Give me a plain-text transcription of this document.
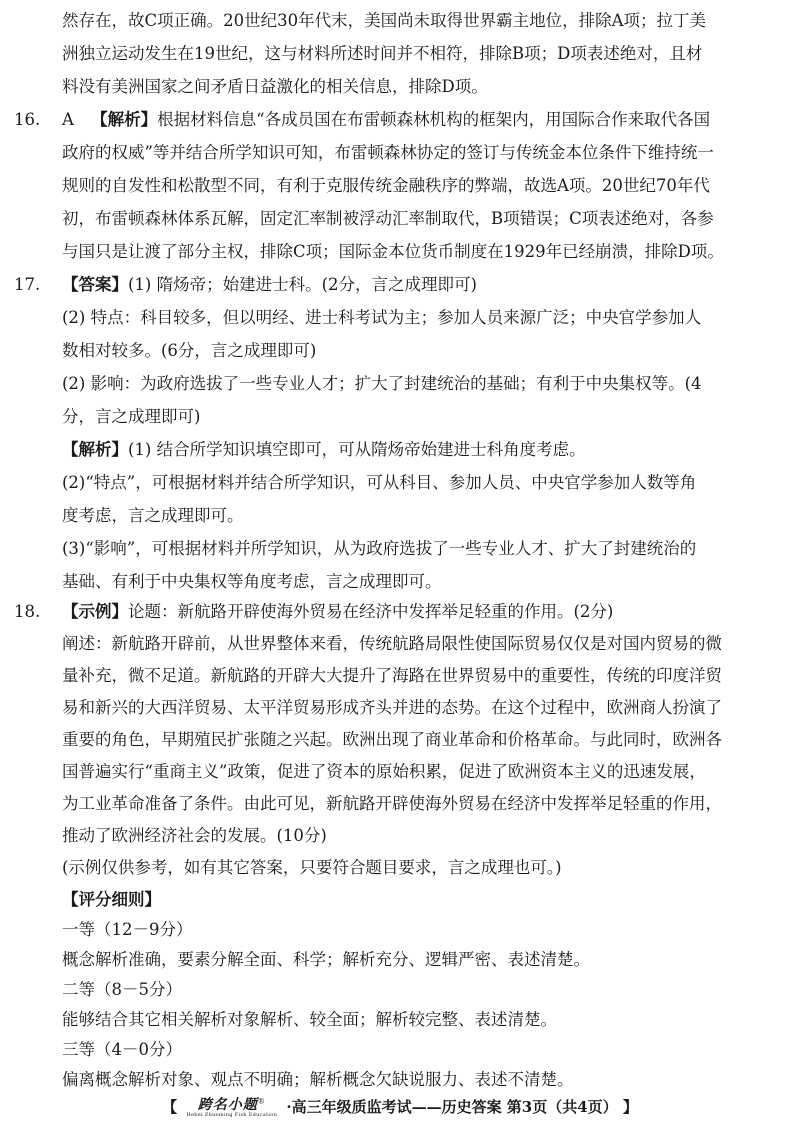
然存在，故C项正确。20世纪30年代末，美国尚未取得世界霸主地位，排除A项；拉丁美
洲独立运动发生在19世纪，这与材料所述时间并不相符，排除B项；D项表述绝对，且材
料没有美洲国家之间矛盾日益激化的相关信息，排除D项。
16. A 【解析】根据材料信息“各成员国在布雷顿森林机构的框架内，用国际合作来取代各国
政府的权威”等并结合所学知识可知，布雷顿森林协定的签订与传统金本位条件下维持统一
规则的自发性和松散型不同，有利于克服传统金融秩序的弊端，故选A项。20世纪70年代
初，布雷顿森林体系瓦解，固定汇率制被浮动汇率制取代，B项错误；C项表述绝对，各参
与国只是让渡了部分主权，排除C项；国际金本位货币制度在1929年已经崩溃，排除D项。
17. 【答案】(1) 隋炀帝；始建进士科。(2分，言之成理即可)
(2) 特点：科目较多，但以明经、进士科考试为主；参加人员来源广泛；中央官学参加人
数相对较多。(6分，言之成理即可)
(2) 影响：为政府选拔了一些专业人才；扩大了封建统治的基础；有利于中央集权等。(4
分，言之成理即可)
【解析】(1) 结合所学知识填空即可，可从隋炀帝始建进士科角度考虑。
(2)“特点”，可根据材料并结合所学知识，可从科目、参加人员、中央官学参加人数等角
度考虑，言之成理即可。
(3)“影响”，可根据材料并所学知识，从为政府选拔了一些专业人才、扩大了封建统治的
基础、有利于中央集权等角度考虑，言之成理即可。
18. 【示例】论题：新航路开辟使海外贸易在经济中发挥举足轻重的作用。(2分)
阐述：新航路开辟前，从世界整体来看，传统航路局限性使国际贸易仅仅是对国内贸易的微
量补充，微不足道。新航路的开辟大大提升了海路在世界贸易中的重要性，传统的印度洋贸
易和新兴的大西洋贸易、太平洋贸易形成齐头并进的态势。在这个过程中，欧洲商人扮演了
重要的角色，早期殖民扩张随之兴起。欧洲出现了商业革命和价格革命。与此同时，欧洲各
国普遍实行“重商主义”政策，促进了资本的原始积累，促进了欧洲资本主义的迅速发展，
为工业革命准备了条件。由此可见，新航路开辟使海外贸易在经济中发挥举足轻重的作用，
推动了欧洲经济社会的发展。(10分)
(示例仅供参考，如有其它答案，只要符合题目要求，言之成理也可。)
【评分细则】
一等（12－9分）
概念解析准确，要素分解全面、科学；解析充分、逻辑严密、表述清楚。
二等（8－5分）
能够结合其它相关解析对象解析、较全面；解析较完整、表述清楚。
三等（4－0分）
【	跨名小题®
Hebei Zhuoming Fish Education ·高三年级质监考试——历史答案 第3页（共4页） 】
偏离概念解析对象、观点不明确；解析概念欠缺说服力、表述不清楚。
